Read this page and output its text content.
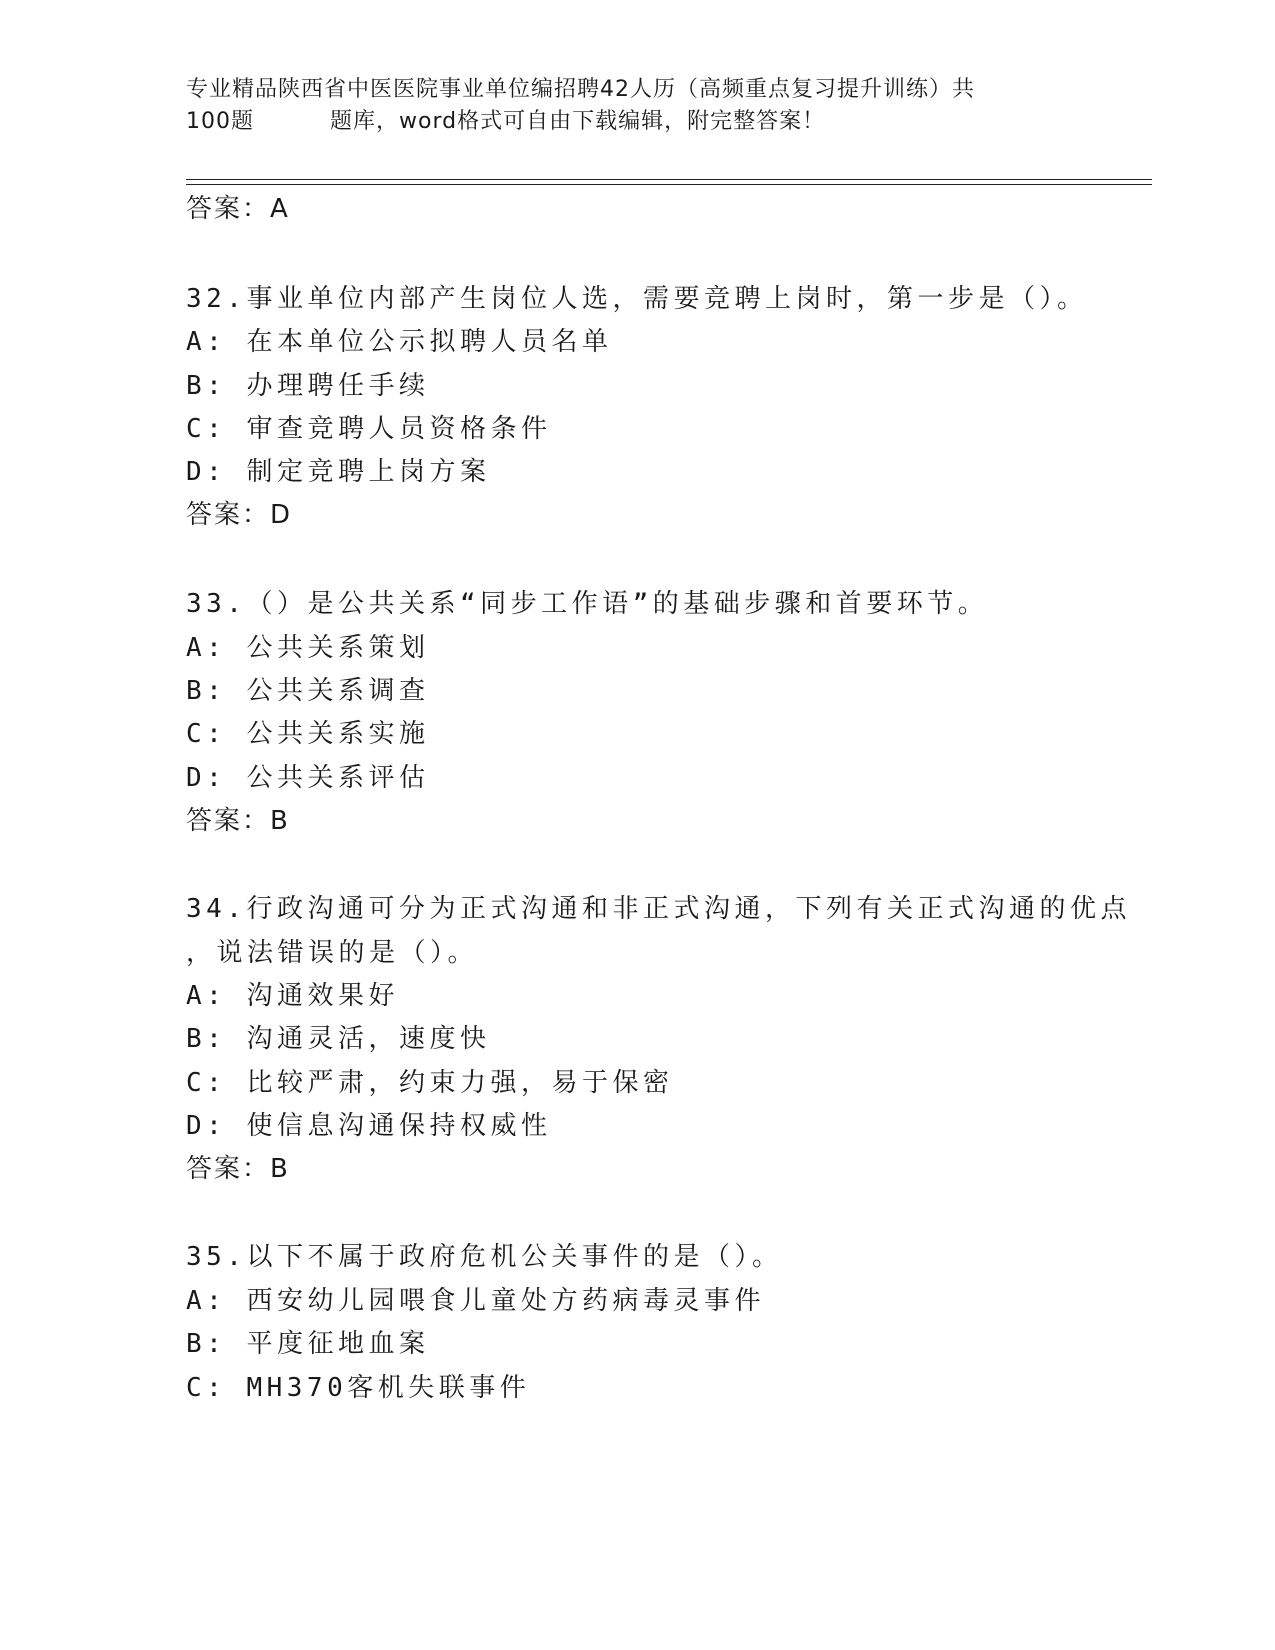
专业精品陕西省中医医院事业单位编招聘42人历（高频重点复习提升训练）共
100题	题库，word格式可自由下载编辑，附完整答案！
答案：A
32.事业单位内部产生岗位人选，需要竞聘上岗时，第一步是（）。
A: 在本单位公示拟聘人员名单
B: 办理聘任手续
C: 审查竞聘人员资格条件
D: 制定竞聘上岗方案
答案：D
33.（）是公共关系“同步工作语”的基础步骤和首要环节。
A: 公共关系策划
B: 公共关系调查
C: 公共关系实施
D: 公共关系评估
答案：B
34.行政沟通可分为正式沟通和非正式沟通，下列有关正式沟通的优点
，说法错误的是（）。
A: 沟通效果好
B: 沟通灵活，速度快
C: 比较严肃，约束力强，易于保密
D: 使信息沟通保持权威性
答案：B
35.以下不属于政府危机公关事件的是（）。
A: 西安幼儿园喂食儿童处方药病毒灵事件
B: 平度征地血案
C: MH370客机失联事件
